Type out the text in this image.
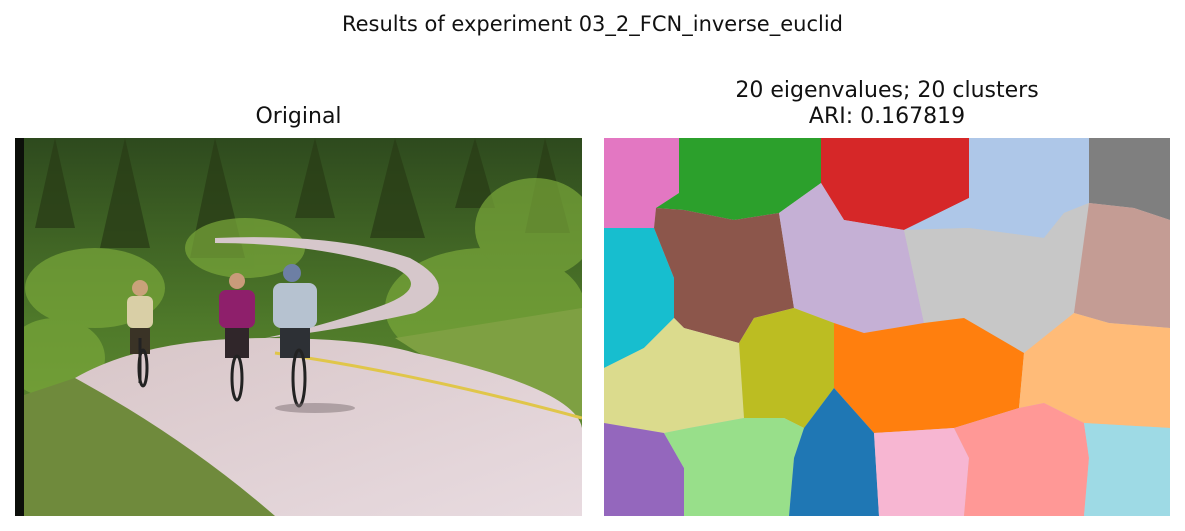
Results of experiment 03_2_FCN_inverse_euclid
Original
20 eigenvalues; 20 clusters
ARI: 0.167819
